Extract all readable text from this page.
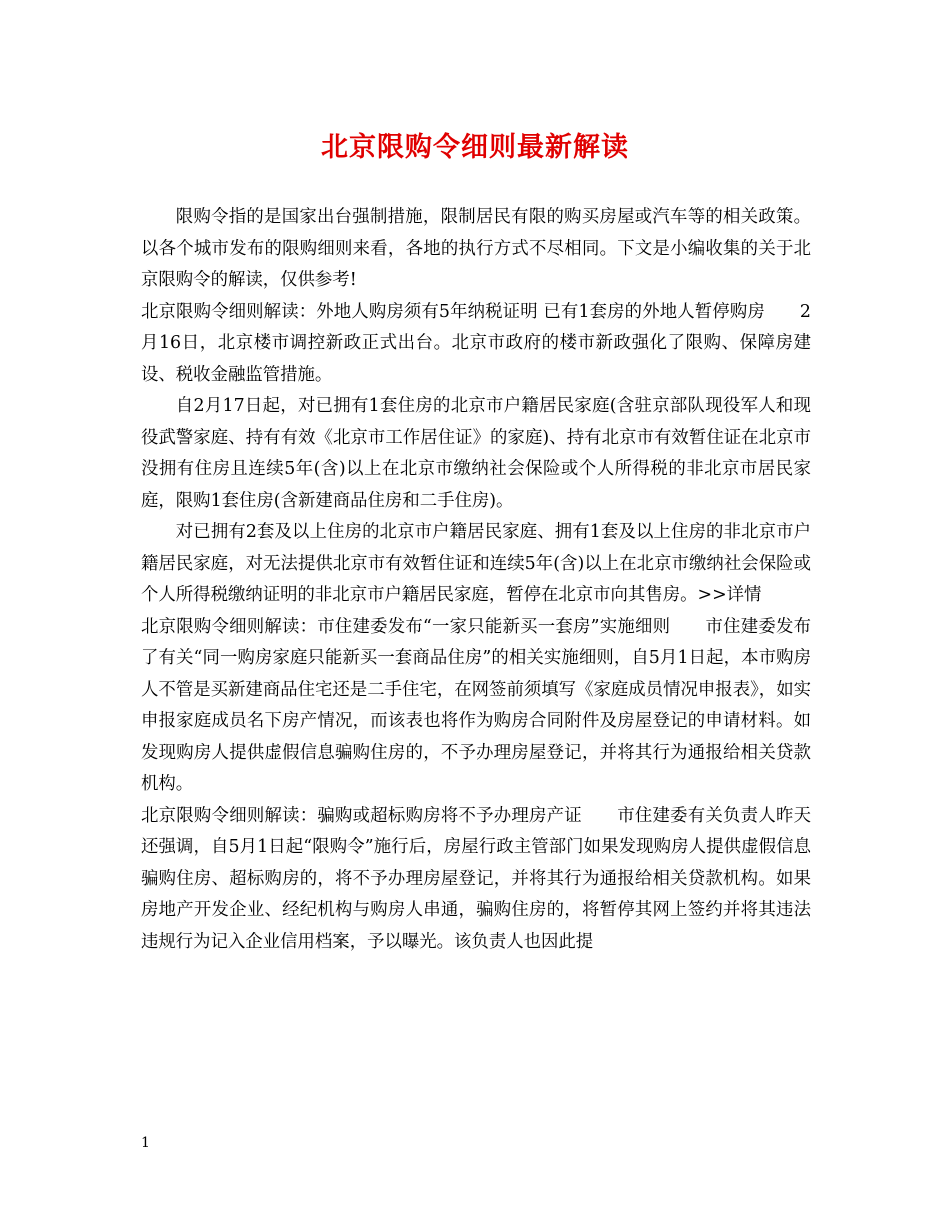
北京限购令细则最新解读

限购令指的是国家出台强制措施，限制居民有限的购买房屋或汽车等的相关政策。以各个城市发布的限购细则来看，各地的执行方式不尽相同。下文是小编收集的关于北京限购令的解读，仅供参考!

北京限购令细则解读：外地人购房须有5年纳税证明 已有1套房的外地人暂停购房　　2月16日，北京楼市调控新政正式出台。北京市政府的楼市新政强化了限购、保障房建设、税收金融监管措施。

自2月17日起，对已拥有1套住房的北京市户籍居民家庭(含驻京部队现役军人和现役武警家庭、持有有效《北京市工作居住证》的家庭)、持有北京市有效暂住证在北京市没拥有住房且连续5年(含)以上在北京市缴纳社会保险或个人所得税的非北京市居民家庭，限购1套住房(含新建商品住房和二手住房)。

对已拥有2套及以上住房的北京市户籍居民家庭、拥有1套及以上住房的非北京市户籍居民家庭，对无法提供北京市有效暂住证和连续5年(含)以上在北京市缴纳社会保险或个人所得税缴纳证明的非北京市户籍居民家庭，暂停在北京市向其售房。>>详情

北京限购令细则解读：市住建委发布“一家只能新买一套房”实施细则　　市住建委发布了有关“同一购房家庭只能新买一套商品住房”的相关实施细则，自5月1日起，本市购房人不管是买新建商品住宅还是二手住宅，在网签前须填写《家庭成员情况申报表》，如实申报家庭成员名下房产情况，而该表也将作为购房合同附件及房屋登记的申请材料。如发现购房人提供虚假信息骗购住房的，不予办理房屋登记，并将其行为通报给相关贷款机构。

北京限购令细则解读：骗购或超标购房将不予办理房产证　　市住建委有关负责人昨天还强调，自5月1日起“限购令”施行后，房屋行政主管部门如果发现购房人提供虚假信息骗购住房、超标购房的，将不予办理房屋登记，并将其行为通报给相关贷款机构。如果房地产开发企业、经纪机构与购房人串通，骗购住房的，将暂停其网上签约并将其违法违规行为记入企业信用档案，予以曝光。该负责人也因此提

1
